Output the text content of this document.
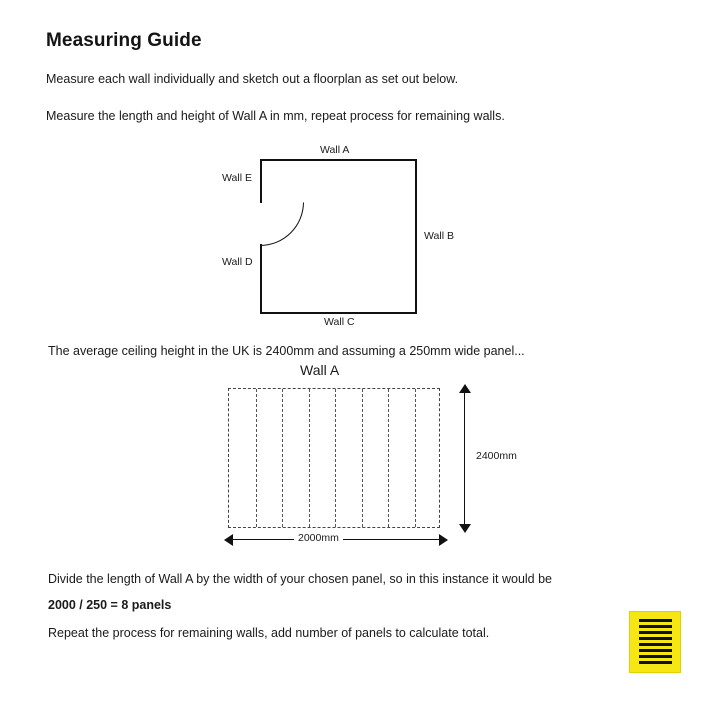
Measuring Guide
Measure each wall individually and sketch out a floorplan as set out below.
Measure the length and height of Wall A in mm, repeat process for remaining walls.
Wall A
Wall B
Wall C
Wall D
Wall E
The average ceiling height in the UK is 2400mm and assuming a 250mm wide panel...
Wall A
2400mm
2000mm
Divide the length of Wall A by the width of your chosen panel, so in this instance it would be
2000 / 250 = 8 panels
Repeat the process for remaining walls, add number of panels to calculate total.
